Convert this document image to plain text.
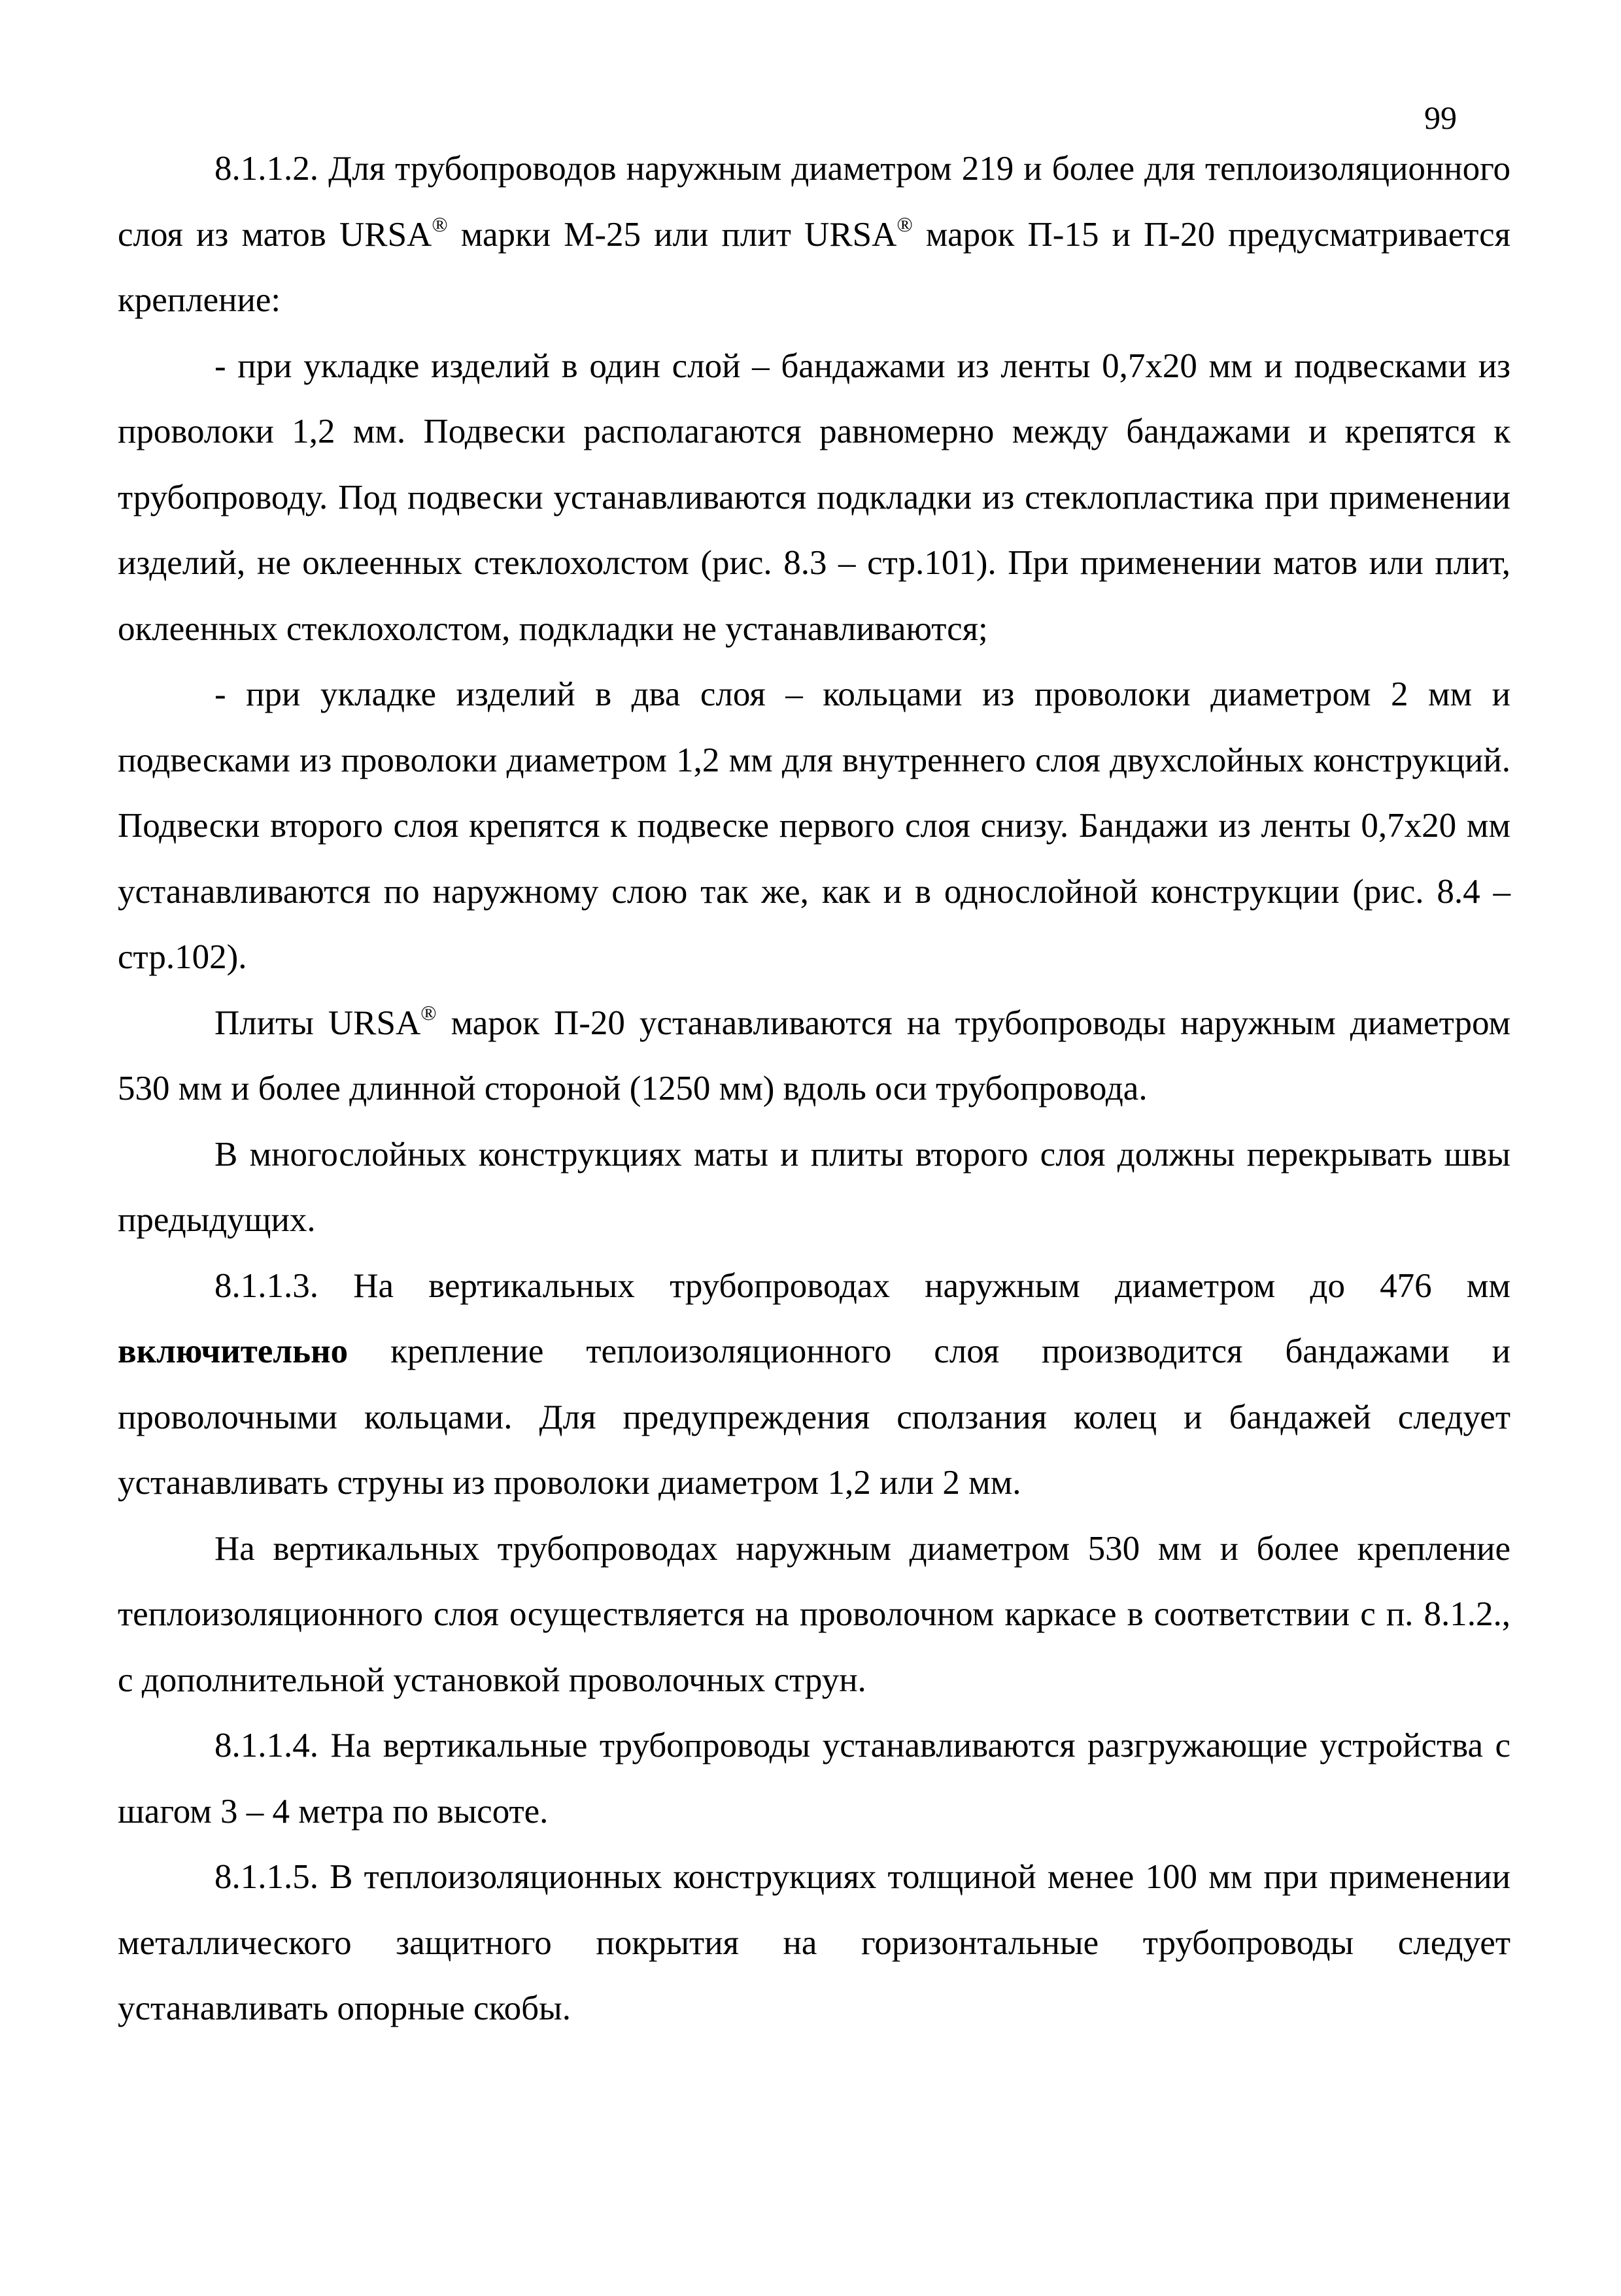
99

8.1.1.2. Для трубопроводов наружным диаметром 219 и более для теплоизоляционного слоя из матов URSA® марки М-25 или плит URSA® марок П-15 и П-20 предусматривается крепление:

- при укладке изделий в один слой – бандажами из ленты 0,7х20 мм и подвесками из проволоки 1,2 мм. Подвески располагаются равномерно между бандажами и крепятся к трубопроводу. Под подвески устанавливаются подкладки из стеклопластика при применении изделий, не оклеенных стеклохолстом (рис. 8.3 – стр.101). При применении матов или плит, оклеенных стеклохолстом, подкладки не устанавливаются;

- при укладке изделий в два слоя – кольцами из проволоки диаметром 2 мм и подвесками из проволоки диаметром 1,2 мм для внутреннего слоя двухслойных конструкций. Подвески второго слоя крепятся к подвеске первого слоя снизу. Бандажи из ленты 0,7х20 мм устанавливаются по наружному слою так же, как и в однослойной конструкции (рис. 8.4 – стр.102).

Плиты URSA® марок П-20 устанавливаются на трубопроводы наружным диаметром 530 мм и более длинной стороной (1250 мм) вдоль оси трубопровода.

В многослойных конструкциях маты и плиты второго слоя должны перекрывать швы предыдущих.

8.1.1.3. На вертикальных трубопроводах наружным диаметром до 476 мм включительно крепление теплоизоляционного слоя производится бандажами и проволочными кольцами. Для предупреждения сползания колец и бандажей следует устанавливать струны из проволоки диаметром 1,2 или 2 мм.

На вертикальных трубопроводах наружным диаметром 530 мм и более крепление теплоизоляционного слоя осуществляется на проволочном каркасе в соответствии с п. 8.1.2., с дополнительной установкой проволочных струн.

8.1.1.4. На вертикальные трубопроводы устанавливаются разгружающие устройства с шагом 3 – 4 метра по высоте.

8.1.1.5. В теплоизоляционных конструкциях толщиной менее 100 мм при применении металлического защитного покрытия на горизонтальные трубопроводы следует устанавливать опорные скобы.
